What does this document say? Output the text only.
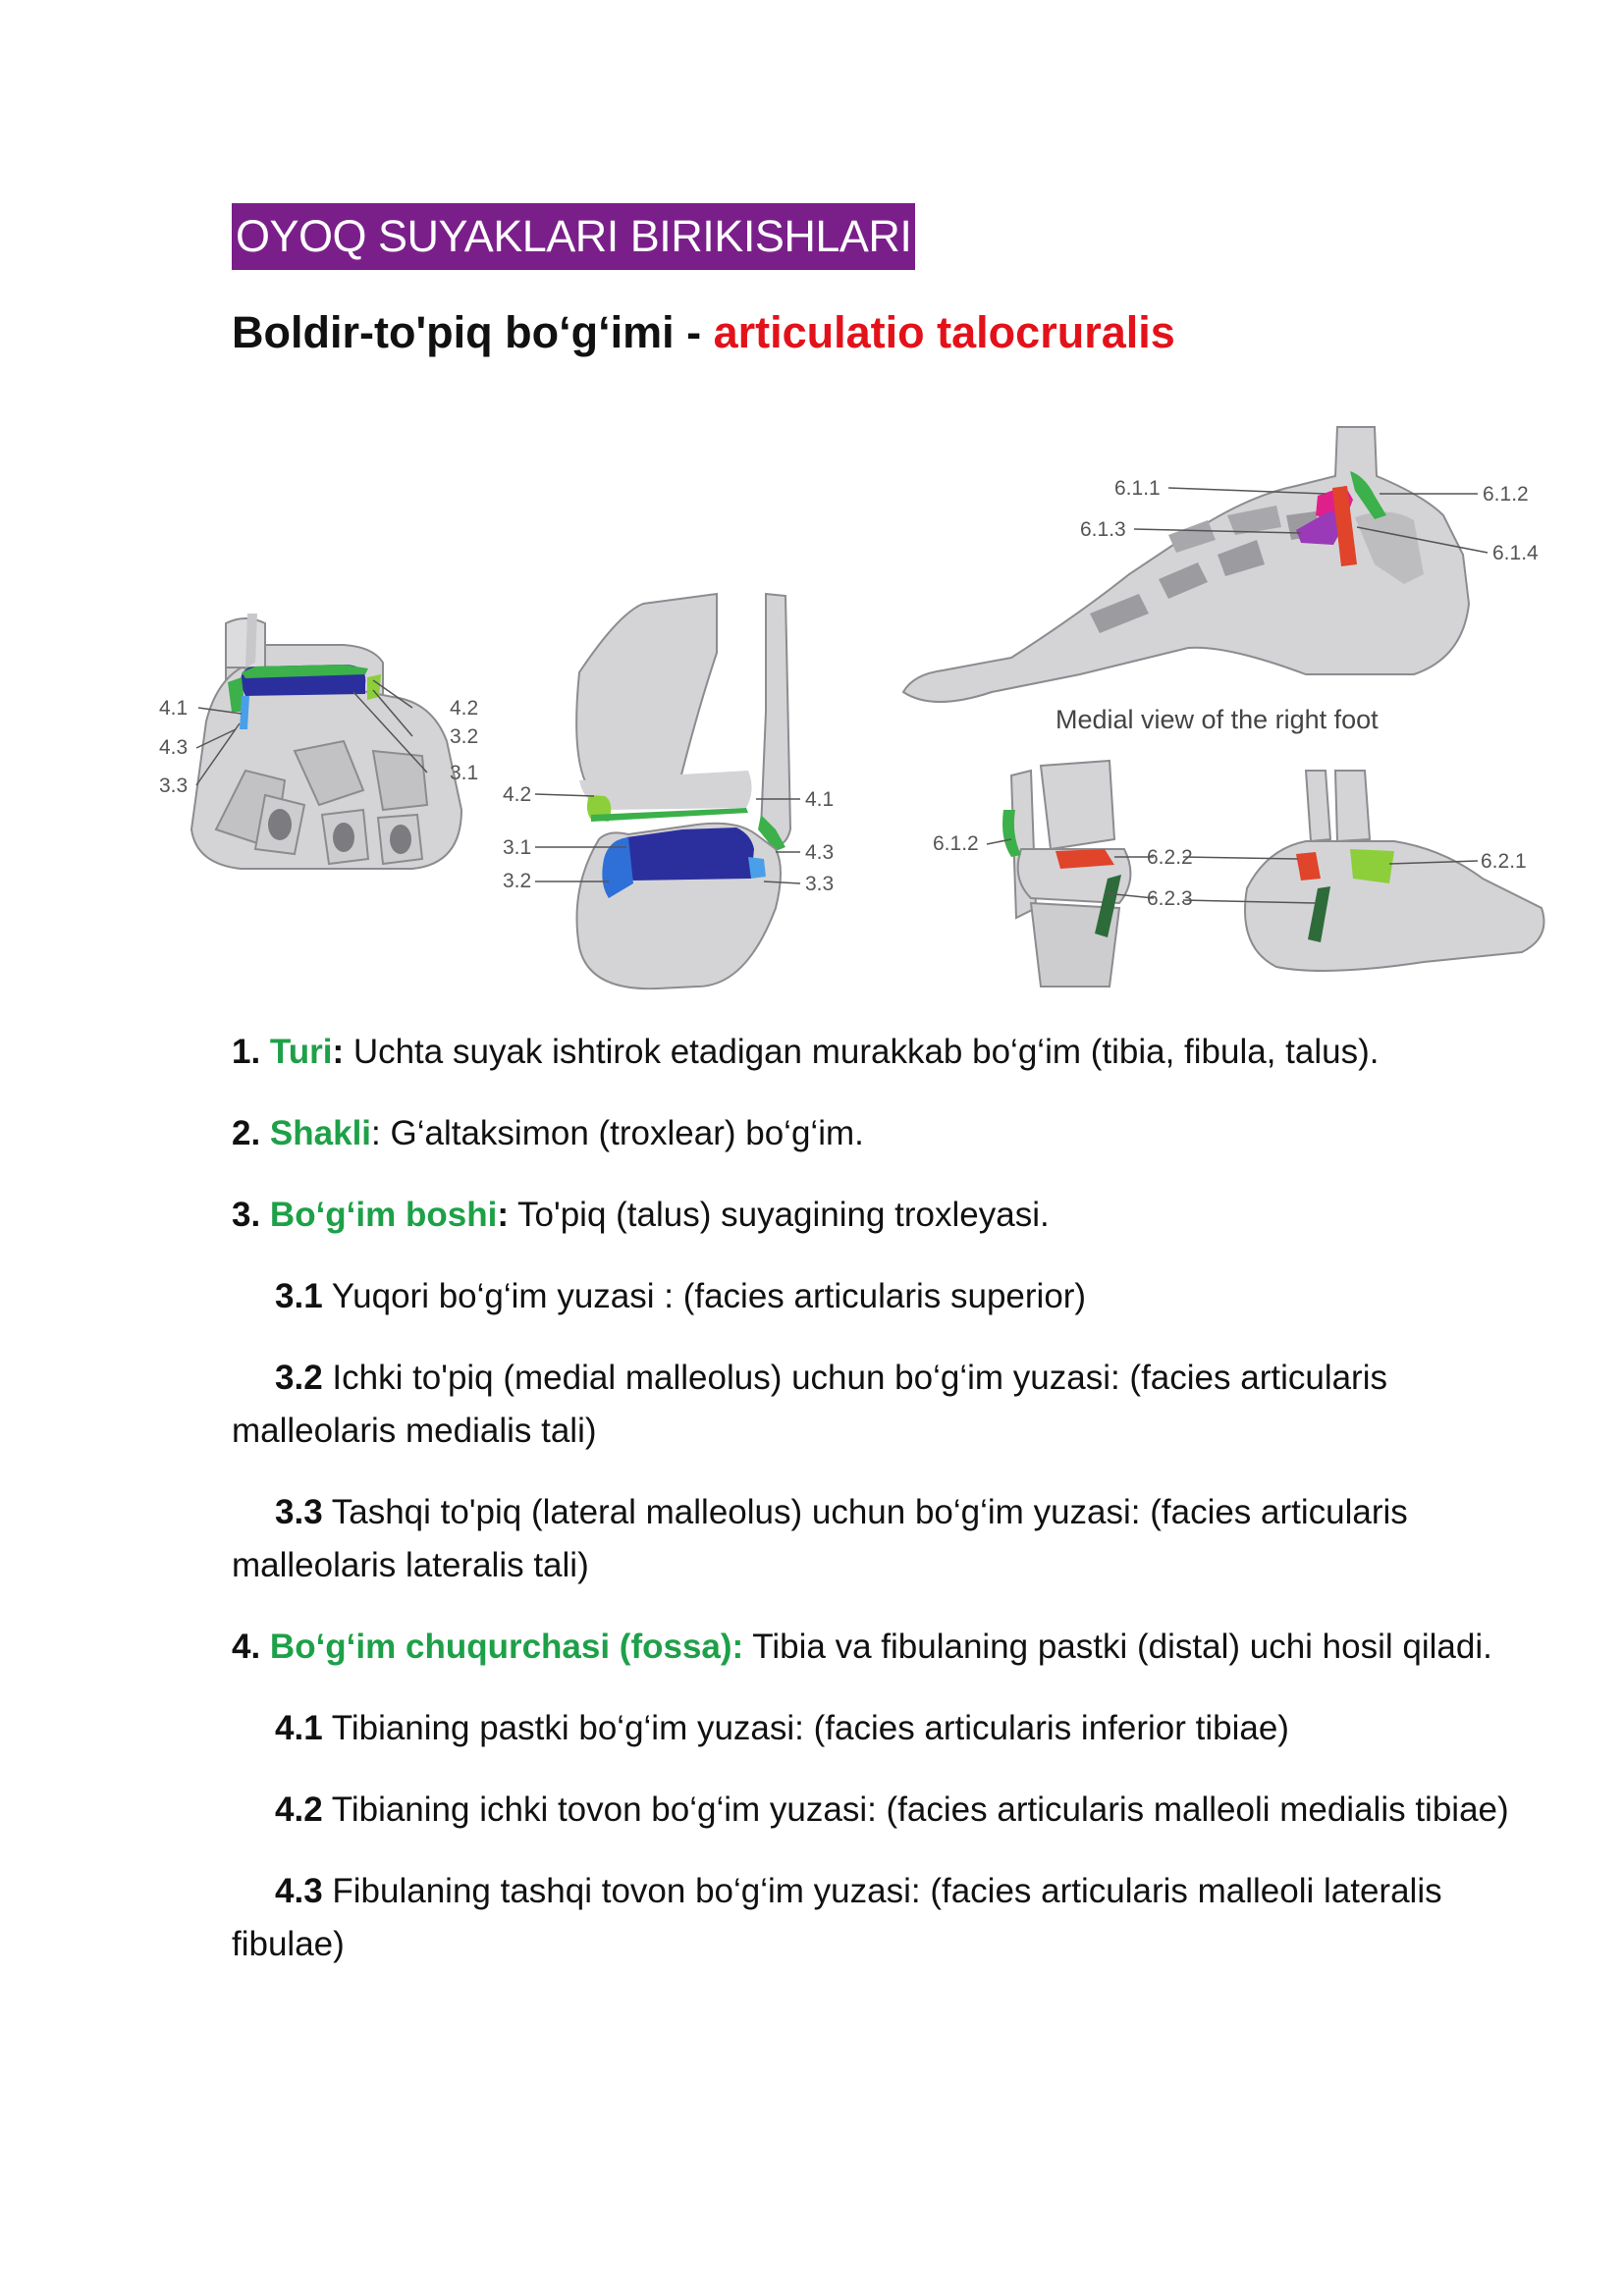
OYOQ SUYAKLARI BIRIKISHLARI
Boldir-to'piq bo‘g‘imi - articulatio talocruralis
4.1
4.3
3.3
4.2
3.2
3.1
4.2
3.1
3.2
4.1
4.3
3.3
6.1.1
6.1.3
6.1.2
6.1.4
Medial view of the right foot
6.1.2
6.2.2
6.2.3
6.2.1

1. Turi: Uchta suyak ishtirok etadigan murakkab bo‘g‘im (tibia, fibula, talus).

2. Shakli: G‘altaksimon (troxlear) bo‘g‘im.

3. Bo‘g‘im boshi: To'piq (talus) suyagining troxleyasi.

3.1 Yuqori bo‘g‘im yuzasi : (facies articularis superior)

3.2 Ichki to'piq (medial malleolus) uchun bo‘g‘im yuzasi: (facies articularis malleolaris medialis tali)

3.3 Tashqi to'piq (lateral malleolus) uchun bo‘g‘im yuzasi: (facies articularis malleolaris lateralis tali)

4. Bo‘g‘im chuqurchasi (fossa): Tibia va fibulaning pastki (distal) uchi hosil qiladi.

4.1 Tibianing pastki bo‘g‘im yuzasi: (facies articularis inferior tibiae)

4.2 Tibianing ichki tovon bo‘g‘im yuzasi: (facies articularis malleoli medialis tibiae)

4.3 Fibulaning tashqi tovon bo‘g‘im yuzasi: (facies articularis malleoli lateralis fibulae)
